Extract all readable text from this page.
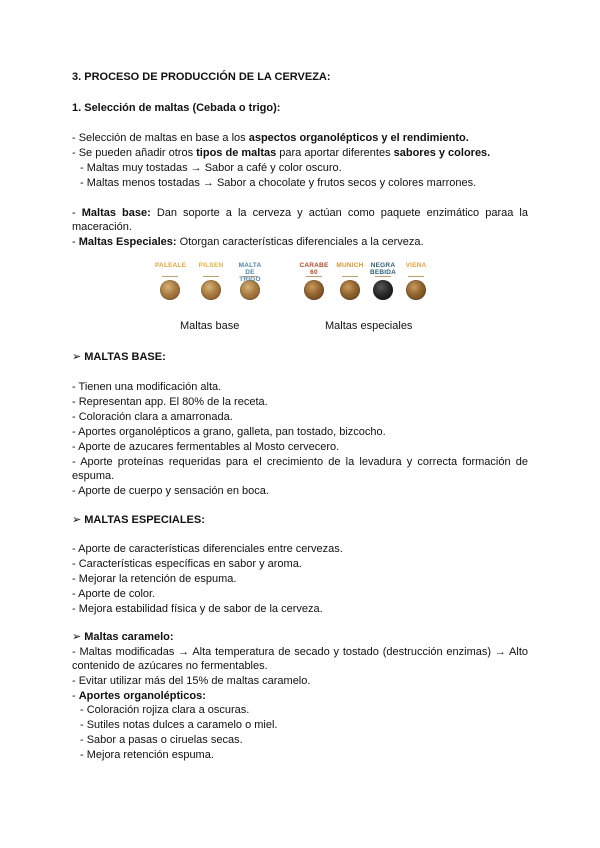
3. PROCESO DE PRODUCCIÓN DE LA CERVEZA:
1. Selección de maltas (Cebada o trigo):
- Selección de maltas en base a los aspectos organolépticos y el rendimiento.
- Se pueden añadir otros tipos de maltas para aportar diferentes sabores y colores.
- Maltas muy tostadas → Sabor a café y color oscuro.
- Maltas menos tostadas → Sabor a chocolate y frutos secos y colores marrones.
- Maltas base: Dan soporte a la cerveza y actúan como paquete enzimático paraa la maceración.
- Maltas Especiales: Otorgan características diferenciales a la cerveza.
PALEALE	PILSEN	MALTA DE TRIGO
CARABE 60
MUNICH	NEGRA BEBIDA
VIENA
Maltas base	Maltas especiales
➢ MALTAS BASE:
- Tienen una modificación alta.
- Representan app. El 80% de la receta.
- Coloración clara a amarronada.
- Aportes organolépticos a grano, galleta, pan tostado, bizcocho.
- Aporte de azucares fermentables al Mosto cervecero.
- Aporte proteínas requeridas para el crecimiento de la levadura y correcta formación de espuma.
- Aporte de cuerpo y sensación en boca.
➢ MALTAS ESPECIALES:
- Aporte de características diferenciales entre cervezas.
- Características específicas en sabor y aroma.
- Mejorar la retención de espuma.
- Aporte de color.
- Mejora estabilidad física y de sabor de la cerveza.
➢ Maltas caramelo:
- Maltas modificadas → Alta temperatura de secado y tostado (destrucción enzimas) → Alto contenido de azúcares no fermentables.
- Evitar utilizar más del 15% de maltas caramelo.
- Aportes organolépticos:
- Coloración rojiza clara a oscuras.
- Sutiles notas dulces a caramelo o miel.
- Sabor a pasas o ciruelas secas.
- Mejora retención espuma.
